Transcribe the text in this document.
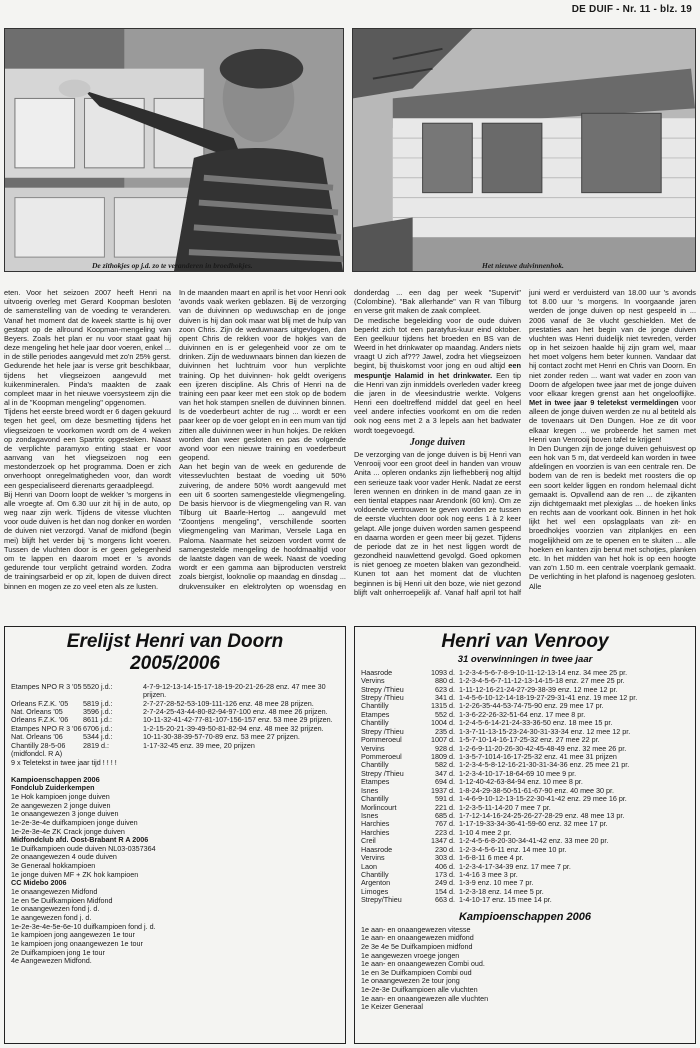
DE DUIF - Nr. 11 - blz. 19
De zithokjes op j.d. zo te veranderen in broedhokjes.	Het nieuwe duivinnenhok.

eten. Voor het seizoen 2007 heeft Henri na uitvoerig overleg met Gerard Koopman besloten de samenstelling van de voeding te veranderen. Vanaf het moment dat de kweek startte is hij over gestapt op de allround Koopman-mengeling van Beyers. Zoals het plan er nu voor staat gaat hij deze mengeling het hele jaar door voeren, enkel ... in de stille periodes aangevuld met zo'n 25% gerst. Gedurende het hele jaar is verse grit beschikbaar, tijdens het vliegseizoen aangevuld met kuikenmineralen. Pinda's maakten de zaak compleet maar in het nieuwe voersysteem zijn die al in de "Koopman mengeling" opgenomen.

Tijdens het eerste breed wordt er 6 dagen gekuurd tegen het geel, om deze besmetting tijdens het vliegseizoen te voorkomen wordt om de 4 weken op zondagavond een Spartrix opgesteken. Naast de verplichte paramyxo enting staat er voor aanvang van het vliegseizoen nog een mestonderzoek op het programma. Doen er zich onverhoopt onregelmatigheden voor, dan wordt een gespecialiseerd dierenarts geraadpleegd.

Bij Henri van Doorn loopt de wekker 's morgens in alle vroegte af. Om 6.30 uur zit hij in de auto, op weg naar zijn werk. Tijdens de vitesse vluchten voor oude duiven is het dan nog donker en worden de duiven niet verzorgd. Vanaf de midfond (begin mei) blijft het verder bij 's morgens licht voeren. Tussen de vluchten door is er geen gelegenheid om te lappen en daarom moet er 's avonds gedurende tour verplicht getraind worden. Zodra de trainingsarbeid er op zit, lopen de duiven direct binnen en mogen ze zo veel eten als ze lusten.

In de maanden maart en april is het voor Henri ook 'avonds vaak werken geblazen. Bij de verzorging van de duivinnen op weduwschap en de jonge duiven is hij dan ook maar wat blij met de hulp van zoon Chris. Zijn de weduwnaars uitgevlogen, dan opent Chris de rekken voor de hokjes van de duivinnen en is er gelegenheid voor ze om te drinken. Zijn de weduwnaars binnen dan kiezen de duivinnen het luchtruim voor hun verplichte training. Op het duivinnen- hok geldt overigens een ijzeren discipline. Als Chris of Henri na de training een paar keer met een stok op de bodem van het hok stampen snellen de duivinnen binnen. Is de voederbeurt achter de rug ... wordt er een paar keer op de voer gelopt en in een mum van tijd zitten alle duivinnen weer in hun hokjes. De rekken worden dan weer gesloten en pas de volgende avond voor een nieuwe training en voederbeurt geopend.

Aan het begin van de week en gedurende de vitessevluchten bestaat de voeding uit 50% zuivering, de andere 50% wordt aangevuld met een uit 6 soorten samengestelde vliegmengeling. De basis hiervoor is de vliegmengeling van R. van Tilburg uit Baarle-Hertog ... aangevuld met "Zoontjens mengeling", verschillende soorten vliegmengeling van Mariman, Versele Laga en Paloma. Naarmate het seizoen vordert vormt de samengestelde mengeling de hoofdmaaltijd voor de laatste dagen van de week. Naast de voeding wordt er een gamma aan bijproducten verstrekt zoals biergist, looknolie op maandag en dinsdag ... drukvensuiker en elektrolyten op woensdag en donderdag ... een dag per week "Supervit" (Colombine). "Bak allerhande" van R van Tilburg en verse grit maken de zaak compleet.

De medische begeleiding voor de oude duiven beperkt zich tot een paratyfus-kuur eind oktober. Een geelkuur tijdens het broeden en BS van de Weerd in het drinkwater op maandag. Anders niets vraagt U zich af??? Jawel, zodra het vliegseizoen begint, bij thuiskomst voor jong en oud altijd een mespuntje Halamid in het drinkwater. Een tip die Henri van zijn inmiddels overleden vader kreeg die jaren in de vleesindustrie werkte. Volgens Henri een doeltreffend middel dat geel en heel veel andere infecties voorkomt en om die reden ook nog eens met 2 a 3 lepels aan het badwater wordt toegevoegd.

Jonge duiven

De verzorging van de jonge duiven is bij Henri van Venrooij voor een groot deel in handen van vrouw Anita ... opleren ondanks zijn liefhebberij nog altijd een serieuze taak voor vader Henk. Nadat ze eerst leren wennen en drinken in de mand gaan ze in een tiental etappes naar Arendonk (60 km). Om ze voldoende vertrouwen te geven worden ze tussen de eerste vluchten door ook nog eens 1 à 2 keer gelapt. Alle jonge duiven worden samen gespeend en daarna worden er geen meer bij gezet. Tijdens de periode dat ze in het nest liggen wordt de gezondheid nauwlettend gevolgd. Goed opkomen is niet genoeg ze moeten blaken van gezondheid. Kunen tot aan het moment dat de vluchten beginnen is bij Henri uit den boze, wie niet gezond blijft valt onherroepelijk af. Vanaf half april tot half juni werd er verduisterd van 18.00 uur 's avonds tot 8.00 uur 's morgens. In voorgaande jaren werden de jonge duiven op nest gespeeld in ... 2006 vanaf de 3e vlucht geschielden. Met de prestaties aan het begin van de jonge duiven vluchten was Henri duidelijk niet tevreden, verder op in het seizoen haalde hij zijn gram wel, maar het moet volgens hem beter kunnen. Vandaar dat hij contact zocht met Henri en Chris van Doorn. En niet zonder reden ... want wat vader en zoon van Doorn de afgelopen twee jaar met de jonge duiven voor elkaar kregen grenst aan het ongelooflijke. Met in twee jaar 9 teletekst vermeldingen voor alleen de jonge duiven werden ze nu al betiteld als de tovenaars uit Den Dungen. Hoe ze dit voor elkaar kregen ... we probeerde het samen met Henri van Venrooij boven tafel te krijgen!

In Den Dungen zijn de jonge duiven gehuisvest op een hok van 5 m, dat verdeeld kan worden in twee afdelingen en voorzien is van een centrale ren. De bodem van de ren is bedekt met roosters die op een soort kelder liggen en rondom helemaal dicht gemaakt is. Opvallend aan de ren ... de zijkanten zijn dichtgemaakt met plexiglas ... de hoeken links en rechts aan de voorkant ook. Binnen in het hok lijkt het wel een opslagplaats van zit- en broedhokjes voorzien van zitplankjes en een mogelijkheid om ze te openen en te sluiten ... alle hoeken en kanten zijn benut met schotjes, planken etc. In het midden van het hok is op een hoogte van zo'n 1.50 m. een centrale voerplank gemaakt. De verlichting in het plafond is nagenoeg gesloten. Alle

Erelijst Henri van Doorn
2005/2006
Etampes NPO R 3 '05 5520 j.d.:	4-7-9-12-13-14-15-17-18-19-20-21-26-28 enz. 47 mee 30 prijzen.
Orleans F.Z.K. '05	5819 j.d.:	2-7-27-28-52-53-109-111-126 enz. 48 mee 28 prijzen.
Nat. Orleans '05	3596 j.d.:	2-7-24-25-43-44-80-82-94-97-100 enz. 48 mee 26 prijzen.
Orleans F.Z.K. '06	8611 j.d.:	10-11-32-41-42-77-81-107-156-157 enz. 53 mee 29 prijzen.
Etampes NPO R 3 '06 6706 j.d.:	1-2-15-20-21-39-49-50-81-82-94 enz. 48 mee 32 prijzen.
Nat. Orleans '06	5344 j.d.:	10-11-30-38-39-57-70-89 enz. 53 mee 27 prijzen.
Chantilly 28-5-06	2819 d.:	1-17-32-45 enz. 39 mee, 20 prijzen
(midfondcl. R A)
9 x Teletekst in twee jaar tijd ! ! ! !
Kampioenschappen 2006
Fondclub Zuiderkempen
1e Hok kampioen jonge duiven
2e aangewezen 2 jonge duiven
1e onaangewezen 3 jonge duiven
1e-2e-3e-4e duifkampioen jonge duiven
1e-2e-3e-4e ZK Crack jonge duiven
Midfondclub afd. Oost-Brabant R A 2006
1e Duifkampioen oude duiven NL03-0357364
2e onaangewezen 4 oude duiven
3e Generaal hokkampioen
1e jonge duiven MF + ZK hok kampioen
CC Midebo 2006
1e onaangewezen Midfond
1e en 5e Duifkampioen Midfond
1e onaangewezen fond j. d.
1e aangewezen fond j. d.
1e-2e-3e-4e-5e-6e-10 duifkampioen fond j. d.
1e kampioen jong aangewezen 1e tour
1e kampioen jong onaangewezen 1e tour
2e Duifkampioen jong 1e tour
4e Aangewezen Midfond.
Henri van Venrooy
31 overwinningen in twee jaar
Haasrode	1093 d. 1-2-3-4-5-6-7-8-9-10-11-12-13-14 enz. 34 mee 25 pr.
Vervins	880 d. 1-2-3-4-5-6-7-11-12-13-14-15-18 enz. 27 mee 25 pr.
Strepy /Thieu	623 d. 1-11-12-16-21-24-27-29-38-39 enz. 12 mee 12 pr.
Strepy /Thieu	341 d. 1-4-5-6-10-12-14-18-19-27-29-31-41 enz. 19 mee 12 pr.
Chantilly	1315 d. 1-2-26-35-44-53-74-75-90 enz. 29 mee 17 pr.
Etampes	552 d. 1-3-6-22-26-32-51-64 enz. 17 mee 8 pr.
Chantilly	1004 d. 1-2-4-5-6-14-21-24-33-36-50 enz. 18 mee 15 pr.
Strepy /Thieu	235 d. 1-3-7-11-13-15-23-24-30-31-33-34 enz. 12 mee 12 pr.
Pommeroeul	1007 d. 1-5-7-10-14-16-17-25-32 enz. 27 mee 22 pr.
Vervins	928 d. 1-2-6-9-11-20-26-30-42-45-48-49 enz. 32 mee 26 pr.
Pommeroeul	1809 d. 1-3-5-7-1014-16-17-25-32 enz. 41 mee 31 prijzen
Chantilly	582 d. 1-2-3-4-5-8-12-16-21-30-31-34-36 enz. 25 mee 21 pr.
Strepy /Thieu	347 d. 1-2-3-4-10-17-18-64-69 10 mee 9 pr.
Etampes	694 d. 1-12-40-42-63-84-94 enz. 10 mee 8 pr.
Isnes	1937 d. 1-8-24-29-38-50-51-61-67-90 enz. 40 mee 30 pr.
Chantilly	591 d. 1-4-6-9-10-12-13-15-22-30-41-42 enz. 29 mee 16 pr.
Morlincourt	221 d. 1-2-3-5-11-14-20 7 mee 7 pr.
Isnes	685 d. 1-7-12-14-16-24-25-26-27-28-29 enz. 48 mee 13 pr.
Harchies	767 d. 1-17-19-33-34-36-41-59-60 enz. 32 mee 17 pr.
Harchies	223 d. 1-10 4 mee 2 pr.
Creil	1347 d. 1-2-4-5-6-8-20-30-34-41-42 enz. 33 mee 20 pr.
Haasrode	230 d. 1-2-3-4-5-6-11 enz. 14 mee 10 pr.
Vervins	303 d. 1-6-8-11 6 mee 4 pr.
Laon	406 d. 1-2-3-4-17-34-39 enz. 17 mee 7 pr.
Chantilly	173 d. 1-4-16 3 mee 3 pr.
Argenton	249 d. 1-3-9 enz. 10 mee 7 pr.
Limoges	154 d. 1-2-3-18 enz. 14 mee 5 pr.
Strepy/Thieu	663 d. 1-4-10-17 enz. 15 mee 14 pr.
Kampioenschappen 2006
1e aan- en onaangewezen vitesse
1e aan- en onaangewezen midfond
2e 3e 4e 5e Duifkampioen midfond
1e aangewezen vroege jongen
1e aan- en onaangewezen Combi oud.
1e en 3e Duifkampioen Combi oud
1e onaangewezen 2e tour jong
1e-2e-3e Duifkampioen alle vluchten
1e aan- en onaangewezen alle vluchten
1e Keizer Generaal
